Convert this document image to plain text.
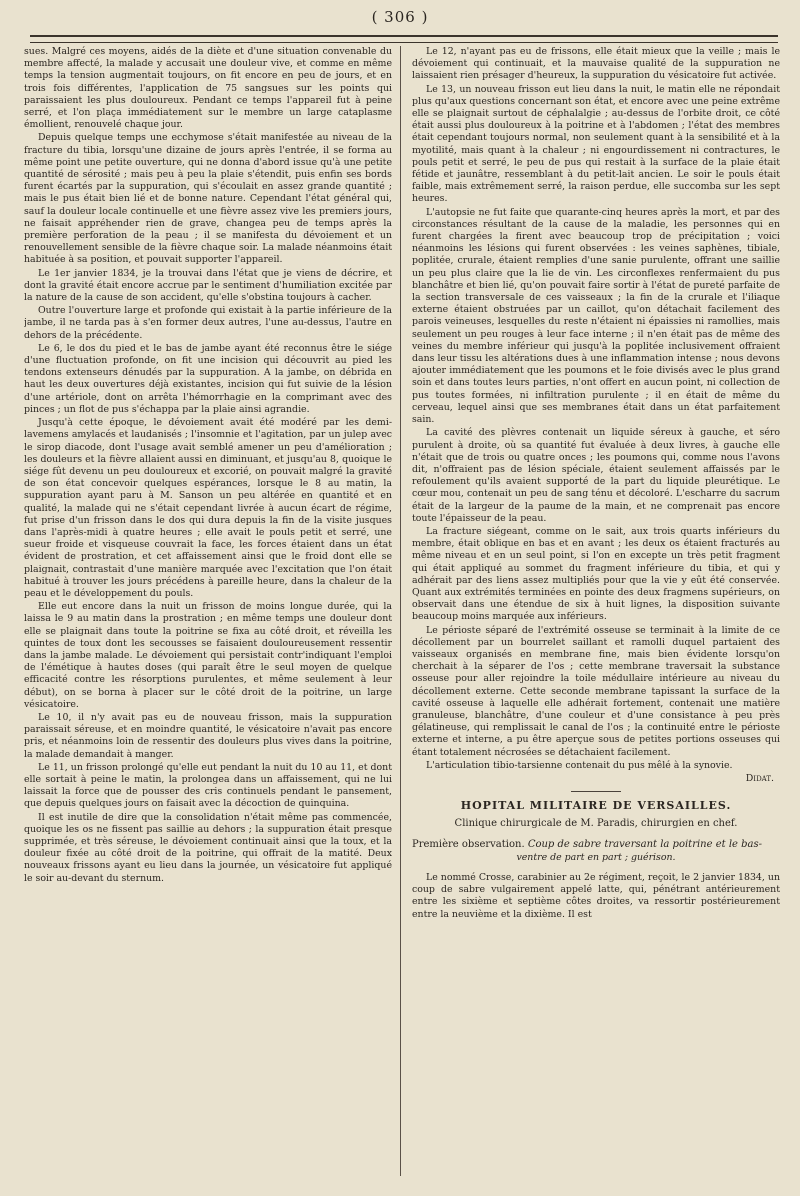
( 306 )

sues. Malgré ces moyens, aidés de la diète et d'une situation convenable du membre affecté, la malade y accusait une douleur vive, et comme en même temps la tension augmentait toujours, on fit encore en peu de jours, et en trois fois différentes, l'application de 75 sangsues sur les points qui paraissaient les plus douloureux. Pendant ce temps l'appareil fut à peine serré, et l'on plaça immédiatement sur le membre un large cataplasme émollient, renouvelé chaque jour.

Depuis quelque temps une ecchymose s'était manifestée au niveau de la fracture du tibia, lorsqu'une dizaine de jours après l'entrée, il se forma au même point une petite ouverture, qui ne donna d'abord issue qu'à une petite quantité de sérosité ; mais peu à peu la plaie s'étendit, puis enfin ses bords furent écartés par la suppuration, qui s'écoulait en assez grande quantité ; mais le pus était bien lié et de bonne nature. Cependant l'état général qui, sauf la douleur locale continuelle et une fièvre assez vive les premiers jours, ne faisait appréhender rien de grave, changea peu de temps après la première perforation de la peau ; il se manifesta du dévoiement et un renouvellement sensible de la fièvre chaque soir. La malade néanmoins était habituée à sa position, et pouvait supporter l'appareil.

Le 1er janvier 1834, je la trouvai dans l'état que je viens de décrire, et dont la gravité était encore accrue par le sentiment d'humiliation excitée par la nature de la cause de son accident, qu'elle s'obstina toujours à cacher.

Outre l'ouverture large et profonde qui existait à la partie inférieure de la jambe, il ne tarda pas à s'en former deux autres, l'une au-dessus, l'autre en dehors de la précédente.

Le 6, le dos du pied et le bas de jambe ayant été reconnus être le siége d'une fluctuation profonde, on fit une incision qui découvrit au pied les tendons extenseurs dénudés par la suppuration. A la jambe, on débrida en haut les deux ouvertures déjà existantes, incision qui fut suivie de la lésion d'une artériole, dont on arrêta l'hémorrhagie en la comprimant avec des pinces ; un flot de pus s'échappa par la plaie ainsi agrandie.

Jusqu'à cette époque, le dévoiement avait été modéré par les demi-lavemens amylacés et laudanisés ; l'insomnie et l'agitation, par un julep avec le sirop diacode, dont l'usage avait semblé amener un peu d'amélioration ; les douleurs et la fièvre allaient aussi en diminuant, et jusqu'au 8, quoique le siége fût devenu un peu douloureux et excorié, on pouvait malgré la gravité de son état concevoir quelques espérances, lorsque le 8 au matin, la suppuration ayant paru à M. Sanson un peu altérée en quantité et en qualité, la malade qui ne s'était cependant livrée à aucun écart de régime, fut prise d'un frisson dans le dos qui dura depuis la fin de la visite jusques dans l'après-midi à quatre heures ; elle avait le pouls petit et serré, une sueur froide et visqueuse couvrait la face, les forces étaient dans un état évident de prostration, et cet affaissement ainsi que le froid dont elle se plaignait, contrastait d'une manière marquée avec l'excitation que l'on était habitué à trouver les jours précédens à pareille heure, dans la chaleur de la peau et le développement du pouls.

Elle eut encore dans la nuit un frisson de moins longue durée, qui la laissa le 9 au matin dans la prostration ; en même temps une douleur dont elle se plaignait dans toute la poitrine se fixa au côté droit, et réveilla les quintes de toux dont les secousses se faisaient douloureusement ressentir dans la jambe malade. Le dévoiement qui persistait contr'indiquant l'emploi de l'émétique à hautes doses (qui paraît être le seul moyen de quelque efficacité contre les résorptions purulentes, et même seulement à leur début), on se borna à placer sur le côté droit de la poitrine, un large vésicatoire.

Le 10, il n'y avait pas eu de nouveau frisson, mais la suppuration paraissait séreuse, et en moindre quantité, le vésicatoire n'avait pas encore pris, et néanmoins loin de ressentir des douleurs plus vives dans la poitrine, la malade demandait à manger.

Le 11, un frisson prolongé qu'elle eut pendant la nuit du 10 au 11, et dont elle sortait à peine le matin, la prolongea dans un affaissement, qui ne lui laissait la force que de pousser des cris continuels pendant le pansement, que depuis quelques jours on faisait avec la décoction de quinquina.

Il est inutile de dire que la consolidation n'était même pas commencée, quoique les os ne fissent pas saillie au dehors ; la suppuration était presque supprimée, et très séreuse, le dévoiement continuait ainsi que la toux, et la douleur fixée au côté droit de la poitrine, qui offrait de la matité. Deux nouveaux frissons ayant eu lieu dans la journée, un vésicatoire fut appliqué le soir au-devant du sternum.

Le 12, n'ayant pas eu de frissons, elle était mieux que la veille ; mais le dévoiement qui continuait, et la mauvaise qualité de la suppuration ne laissaient rien présager d'heureux, la suppuration du vésicatoire fut activée.

Le 13, un nouveau frisson eut lieu dans la nuit, le matin elle ne répondait plus qu'aux questions concernant son état, et encore avec une peine extrême elle se plaignait surtout de céphalalgie ; au-dessus de l'orbite droit, ce côté était aussi plus douloureux à la poitrine et à l'abdomen ; l'état des membres était cependant toujours normal, non seulement quant à la sensibilité et à la myotilité, mais quant à la chaleur ; ni engourdissement ni contractures, le pouls petit et serré, le peu de pus qui restait à la surface de la plaie était fétide et jaunâtre, ressemblant à du petit-lait ancien. Le soir le pouls était faible, mais extrêmement serré, la raison perdue, elle succomba sur les sept heures.

L'autopsie ne fut faite que quarante-cinq heures après la mort, et par des circonstances résultant de la cause de la maladie, les personnes qui en furent chargées la firent avec beaucoup trop de précipitation ; voici néanmoins les lésions qui furent observées : les veines saphènes, tibiale, poplitée, crurale, étaient remplies d'une sanie purulente, offrant une saillie un peu plus claire que la lie de vin. Les circonflexes renfermaient du pus blanchâtre et bien lié, qu'on pouvait faire sortir à l'état de pureté parfaite de la section transversale de ces vaisseaux ; la fin de la crurale et l'iliaque externe étaient obstruées par un caillot, qu'on détachait facilement des parois veineuses, lesquelles du reste n'étaient ni épaissies ni ramollies, mais seulement un peu rouges à leur face interne ; il n'en était pas de même des veines du membre inférieur qui jusqu'à la poplitée inclusivement offraient dans leur tissu les altérations dues à une inflammation intense ; nous devons ajouter immédiatement que les poumons et le foie divisés avec le plus grand soin et dans toutes leurs parties, n'ont offert en aucun point, ni collection de pus toutes formées, ni infiltration purulente ; il en était de même du cerveau, lequel ainsi que ses membranes était dans un état parfaitement sain.

La cavité des plèvres contenait un liquide séreux à gauche, et séro purulent à droite, où sa quantité fut évaluée à deux livres, à gauche elle n'était que de trois ou quatre onces ; les poumons qui, comme nous l'avons dit, n'offraient pas de lésion spéciale, étaient seulement affaissés par le refoulement qu'ils avaient supporté de la part du liquide pleurétique. Le cœur mou, contenait un peu de sang ténu et décoloré. L'escharre du sacrum était de la largeur de la paume de la main, et ne comprenait pas encore toute l'épaisseur de la peau.

La fracture siégeant, comme on le sait, aux trois quarts inférieurs du membre, était oblique en bas et en avant ; les deux os étaient fracturés au même niveau et en un seul point, si l'on en excepte un très petit fragment qui était appliqué au sommet du fragment inférieure du tibia, et qui y adhérait par des liens assez multipliés pour que la vie y eût été conservée. Quant aux extrémités terminées en pointe des deux fragmens supérieurs, on observait dans une étendue de six à huit lignes, la disposition suivante beaucoup moins marquée aux inférieurs.

Le périoste séparé de l'extrémité osseuse se terminait à la limite de ce décollement par un bourrelet saillant et ramolli duquel partaient des vaisseaux organisés en membrane fine, mais bien évidente lorsqu'on cherchait à la séparer de l'os ; cette membrane traversait la substance osseuse pour aller rejoindre la toile médullaire intérieure au niveau du décollement externe. Cette seconde membrane tapissant la surface de la cavité osseuse à laquelle elle adhérait fortement, contenait une matière granuleuse, blanchâtre, d'une couleur et d'une consistance à peu près gélatineuse, qui remplissait le canal de l'os ; la continuité entre le périoste externe et interne, a pu être aperçue sous de petites portions osseuses qui étant totalement nécrosées se détachaient facilement.

L'articulation tibio-tarsienne contenait du pus mêlé à la synovie.

Didat.
HOPITAL MILITAIRE DE VERSAILLES.
Clinique chirurgicale de M. Paradis, chirurgien en chef.

Première observation. Coup de sabre traversant la poitrine et le bas-

ventre de part en part ; guérison.

Le nommé Crosse, carabinier au 2e régiment, reçoit, le 2 janvier 1834, un coup de sabre vulgairement appelé latte, qui, pénétrant antérieurement entre les sixième et septième côtes droites, va ressortir postérieurement entre la neuvième et la dixième. Il est
